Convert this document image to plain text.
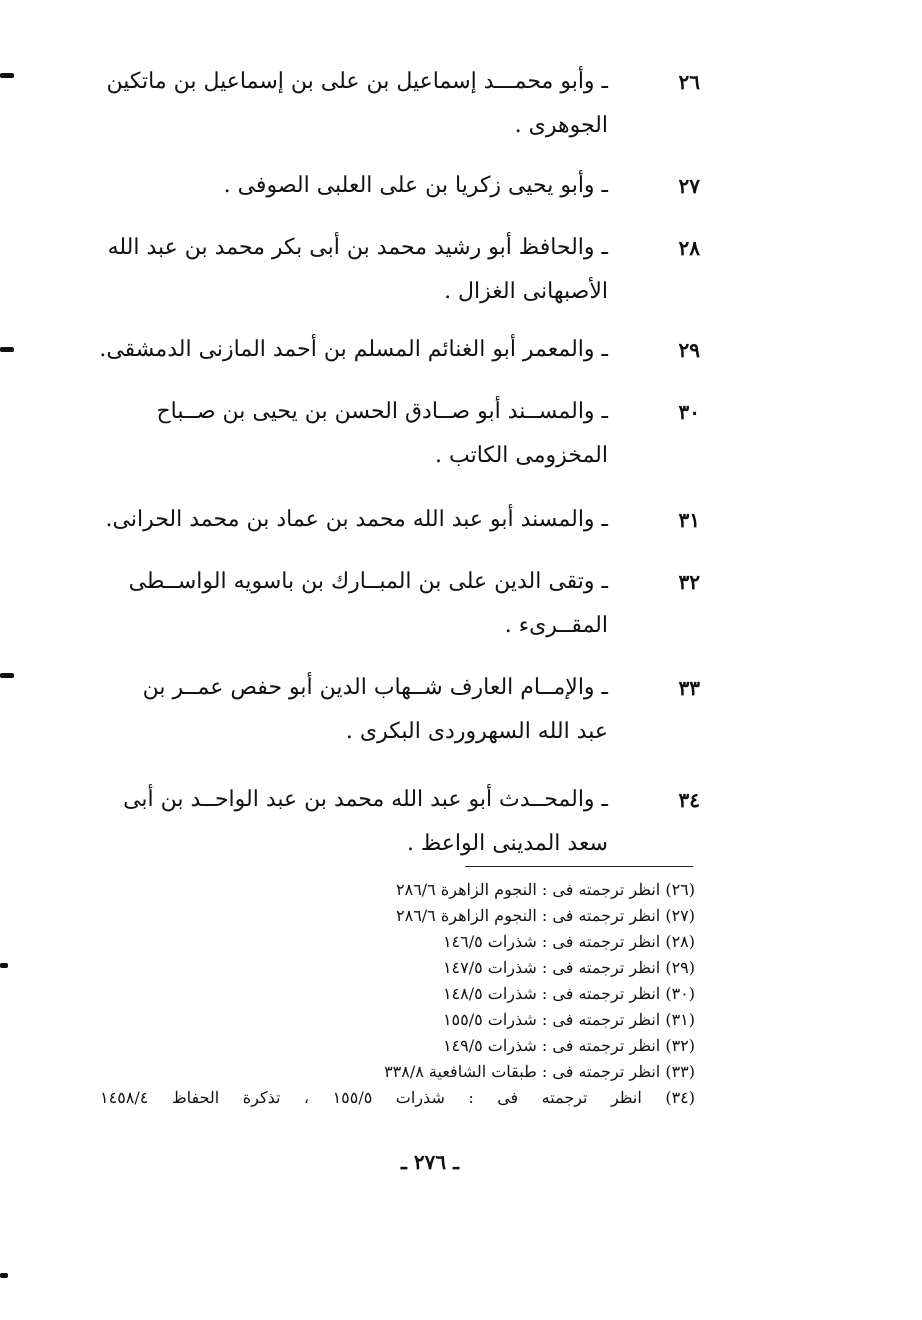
٢٦
ـ وأبو محمـــد إسماعيل بن على بن إسماعيل بن ماتكين
الجوهرى .
٢٧
ـ وأبو يحيى زكريا بن على العلبى الصوفى .
٢٨
ـ والحافظ أبو رشيد محمد بن أبى بكر محمد بن عبد الله
الأصبهانى الغزال .
٢٩
ـ والمعمر أبو الغنائم المسلم بن أحمد المازنى الدمشقى.
٣٠
ـ والمســند أبو صــادق الحسن بن يحيى بن صــباح
المخزومى الكاتب .
٣١
ـ والمسند أبو عبد الله محمد بن عماد بن محمد الحرانى.
٣٢
ـ وتقى الدين على بن المبــارك بن باسويه الواســطى
المقــرىء .
٣٣
ـ والإمــام العارف شــهاب الدين أبو حفص عمــر بن
عبد الله السهروردى البكرى .
٣٤
ـ والمحــدث أبو عبد الله محمد بن عبد الواحــد بن أبى
سعد المدينى الواعظ .
(٢٦) انظر ترجمته فى : النجوم الزاهرة ٢٨٦/٦
(٢٧) انظر ترجمته فى : النجوم الزاهرة ٢٨٦/٦
(٢٨) انظر ترجمته فى : شذرات ١٤٦/٥
(٢٩) انظر ترجمته فى : شذرات ١٤٧/٥
(٣٠) انظر ترجمته فى : شذرات ١٤٨/٥
(٣١) انظر ترجمته فى : شذرات ١٥٥/٥
(٣٢) انظر ترجمته فى : شذرات ١٤٩/٥
(٣٣) انظر ترجمته فى : طبقات الشافعية ٣٣٨/٨
(٣٤) انظر ترجمته فى : شذرات ١٥٥/٥ ، تذكرة الحفاظ ١٤٥٨/٤
ـ ٢٧٦ ـ
